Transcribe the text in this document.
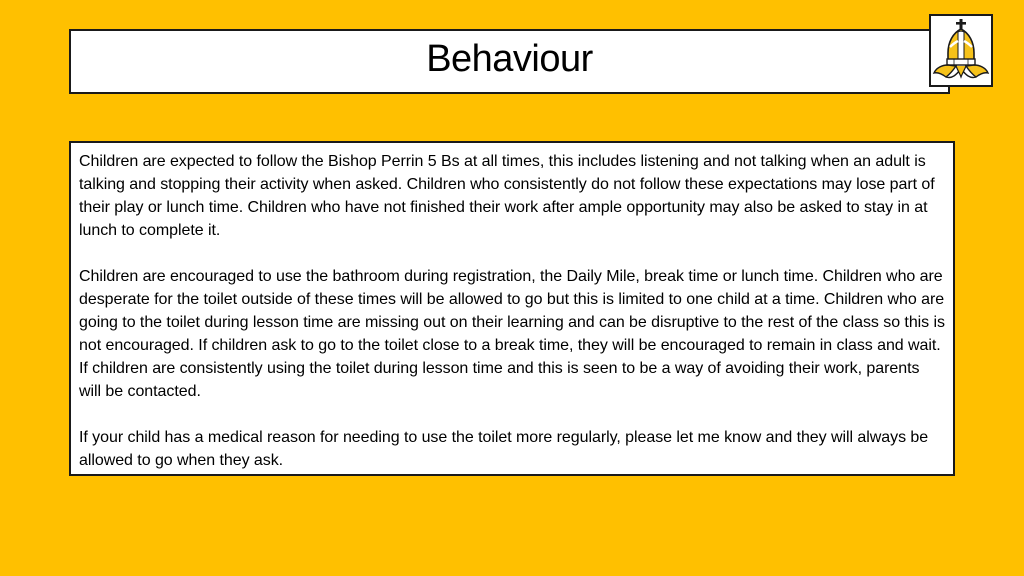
Behaviour

Children are expected to follow the Bishop Perrin 5 Bs at all times, this includes listening and not talking when an adult is talking and stopping their activity when asked. Children who consistently do not follow these expectations may lose part of their play or lunch time. Children who have not finished their work after ample opportunity may also be asked to stay in at lunch to complete it.

Children are encouraged to use the bathroom during registration, the Daily Mile, break time or lunch time. Children who are desperate for the toilet outside of these times will be allowed to go but this is limited to one child at a time. Children who are going to the toilet during lesson time are missing out on their learning and can be disruptive to the rest of the class so this is not encouraged. If children ask to go to the toilet close to a break time, they will be encouraged to remain in class and wait. If children are consistently using the toilet during lesson time and this is seen to be a way of avoiding their work, parents will be contacted.

If your child has a medical reason for needing to use the toilet more regularly, please let me know and they will always be allowed to go when they ask.
